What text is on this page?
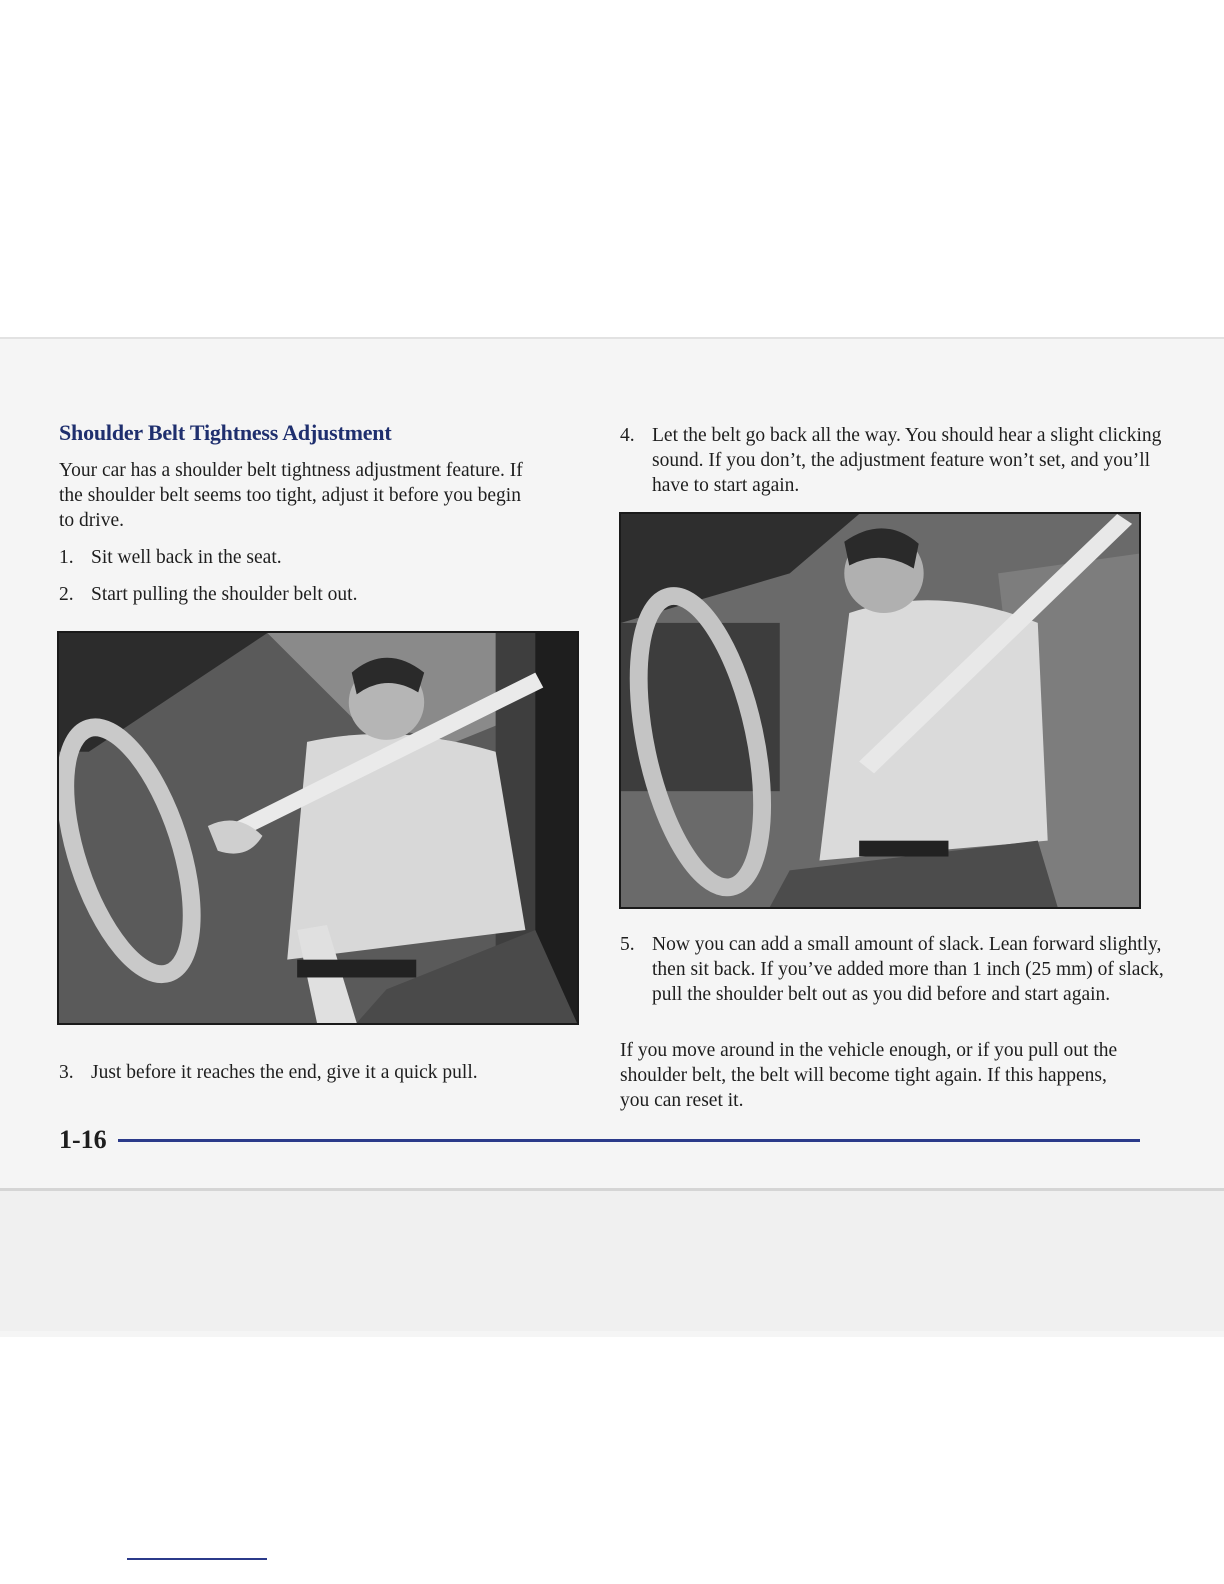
Shoulder Belt Tightness Adjustment

Your car has a shoulder belt tightness adjustment feature. If the shoulder belt seems too tight, adjust it before you begin to drive.

1. Sit well back in the seat.

2. Start pulling the shoulder belt out.

3. Just before it reaches the end, give it a quick pull.

4. Let the belt go back all the way. You should hear a slight clicking sound. If you don’t, the adjustment feature won’t set, and you’ll have to start again.

5. Now you can add a small amount of slack. Lean forward slightly, then sit back. If you’ve added more than 1 inch (25 mm) of slack, pull the shoulder belt out as you did before and start again.

If you move around in the vehicle enough, or if you pull out the shoulder belt, the belt will become tight again. If this happens, you can reset it.

1-16
